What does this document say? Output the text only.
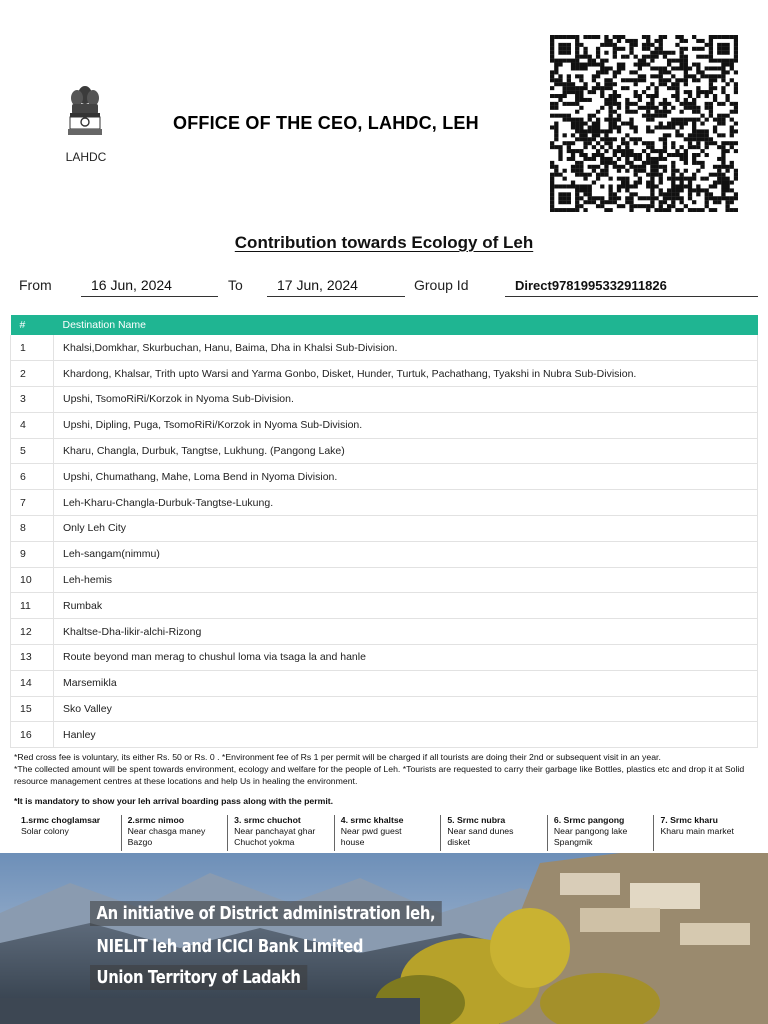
LAHDC
OFFICE OF THE CEO, LAHDC, LEH
Contribution towards Ecology of Leh
From	16 Jun, 2024	To	17 Jun, 2024	Group Id	Direct9781995332911826
#	Destination Name
1	Khalsi,Domkhar, Skurbuchan, Hanu, Baima, Dha in Khalsi Sub-Division.
2	Khardong, Khalsar, Trith upto Warsi and Yarma Gonbo, Disket, Hunder, Turtuk, Pachathang, Tyakshi in Nubra Sub-Division.
3	Upshi, TsomoRiRi/Korzok in Nyoma Sub-Division.
4	Upshi, Dipling, Puga, TsomoRiRi/Korzok in Nyoma Sub-Division.
5	Kharu, Changla, Durbuk, Tangtse, Lukhung. (Pangong Lake)
6	Upshi, Chumathang, Mahe, Loma Bend in Nyoma Division.
7	Leh-Kharu-Changla-Durbuk-Tangtse-Lukung.
8	Only Leh City
9	Leh-sangam(nimmu)
10	Leh-hemis
11	Rumbak
12	Khaltse-Dha-likir-alchi-Rizong
13	Route beyond man merag to chushul loma via tsaga la and hanle
14	Marsemikla
15	Sko Valley
16	Hanley
*Red cross fee is voluntary, its either Rs. 50 or Rs. 0 . *Environment fee of Rs 1 per permit will be charged if all tourists are doing their 2nd or subsequent visit in an year.
*The collected amount will be spent towards environment, ecology and welfare for the people of Leh. *Tourists are requested to carry their garbage like Bottles, plastics etc and drop it at Solid resource management centres at these locations and help Us in healing the environment.
*It is mandatory to show your leh arrival boarding pass along with the permit.
1.srmc choglamsar
Solar colony
2.srmc nimoo
Near chasga maney
Bazgo
3. srmc chuchot
Near panchayat ghar
Chuchot yokma
4. srmc khaltse
Near pwd guest
house
5. Srmc nubra
Near sand dunes
disket
6. Srmc pangong
Near pangong lake
Spangmik
7. Srmc kharu
Kharu main market
An initiative of District administration leh,
NIELIT leh and ICICI Bank Limited
Union Territory of Ladakh
